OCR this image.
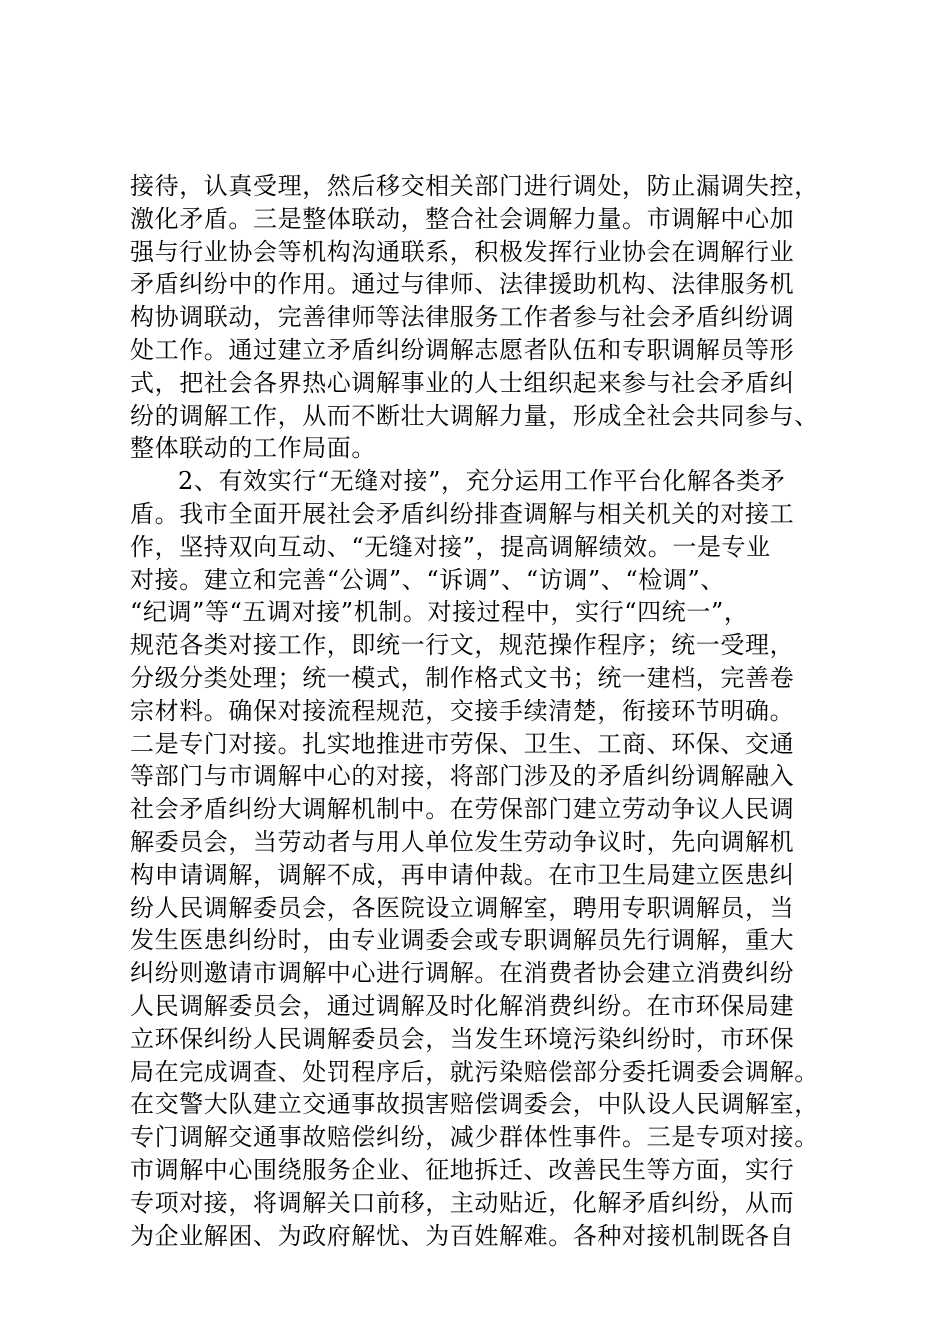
接待，认真受理，然后移交相关部门进行调处，防止漏调失控，
激化矛盾。三是整体联动，整合社会调解力量。市调解中心加
强与行业协会等机构沟通联系，积极发挥行业协会在调解行业
矛盾纠纷中的作用。通过与律师、法律援助机构、法律服务机
构协调联动，完善律师等法律服务工作者参与社会矛盾纠纷调
处工作。通过建立矛盾纠纷调解志愿者队伍和专职调解员等形
式，把社会各界热心调解事业的人士组织起来参与社会矛盾纠
纷的调解工作，从而不断壮大调解力量，形成全社会共同参与、
整体联动的工作局面。
2、有效实行“无缝对接”，充分运用工作平台化解各类矛
盾。我市全面开展社会矛盾纠纷排查调解与相关机关的对接工
作，坚持双向互动、“无缝对接”，提高调解绩效。一是专业
对接。建立和完善“公调”、“诉调”、“访调”、“检调”、
“纪调”等“五调对接”机制。对接过程中，实行“四统一”，
规范各类对接工作，即统一行文，规范操作程序；统一受理，
分级分类处理；统一模式，制作格式文书；统一建档，完善卷
宗材料。确保对接流程规范，交接手续清楚，衔接环节明确。
二是专门对接。扎实地推进市劳保、卫生、工商、环保、交通
等部门与市调解中心的对接，将部门涉及的矛盾纠纷调解融入
社会矛盾纠纷大调解机制中。在劳保部门建立劳动争议人民调
解委员会，当劳动者与用人单位发生劳动争议时，先向调解机
构申请调解，调解不成，再申请仲裁。在市卫生局建立医患纠
纷人民调解委员会，各医院设立调解室，聘用专职调解员，当
发生医患纠纷时，由专业调委会或专职调解员先行调解，重大
纠纷则邀请市调解中心进行调解。在消费者协会建立消费纠纷
人民调解委员会，通过调解及时化解消费纠纷。在市环保局建
立环保纠纷人民调解委员会，当发生环境污染纠纷时，市环保
局在完成调查、处罚程序后，就污染赔偿部分委托调委会调解。
在交警大队建立交通事故损害赔偿调委会，中队设人民调解室，
专门调解交通事故赔偿纠纷，减少群体性事件。三是专项对接。
市调解中心围绕服务企业、征地拆迁、改善民生等方面，实行
专项对接，将调解关口前移，主动贴近，化解矛盾纠纷，从而
为企业解困、为政府解忧、为百姓解难。各种对接机制既各自
